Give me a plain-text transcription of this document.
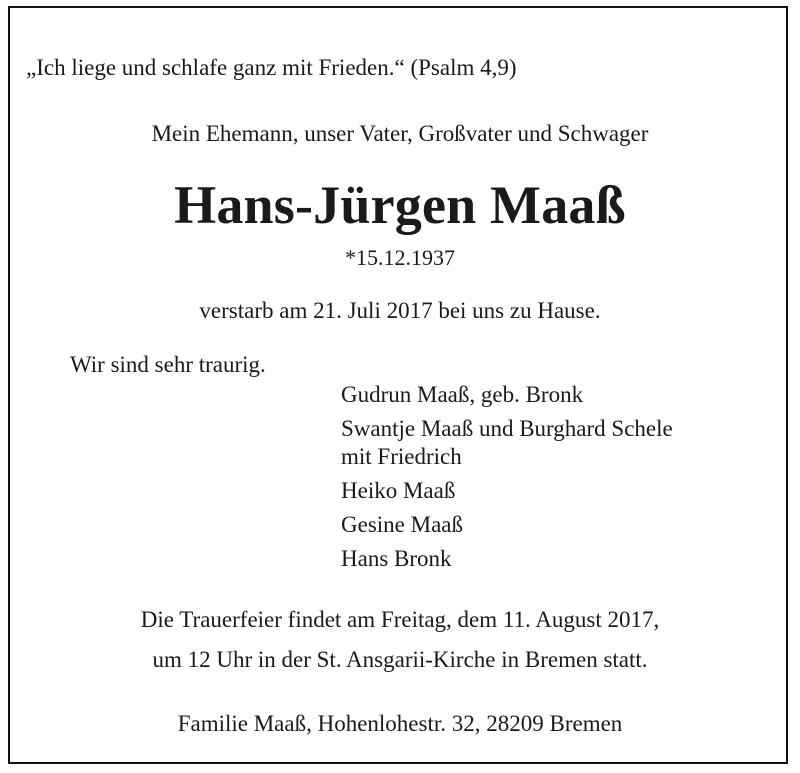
„Ich liege und schlafe ganz mit Frieden.“ (Psalm 4,9)
Mein Ehemann, unser Vater, Großvater und Schwager
Hans-Jürgen Maaß
*15.12.1937
verstarb am 21. Juli 2017 bei uns zu Hause.
Wir sind sehr traurig.
Gudrun Maaß, geb. Bronk
Swantje Maaß und Burghard Schele
mit Friedrich
Heiko Maaß
Gesine Maaß
Hans Bronk
Die Trauerfeier findet am Freitag, dem 11. August 2017,
um 12 Uhr in der St. Ansgarii-Kirche in Bremen statt.
Familie Maaß, Hohenlohestr. 32, 28209 Bremen
